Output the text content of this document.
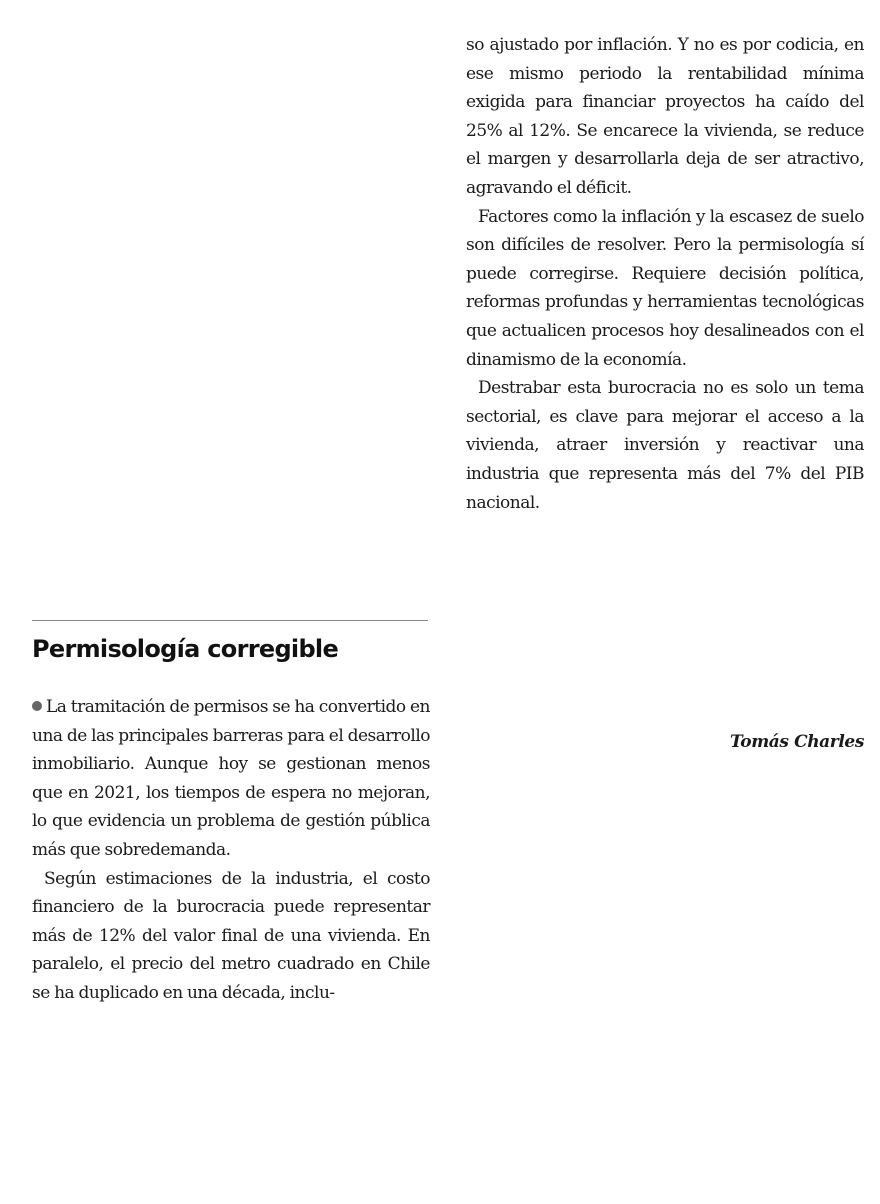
Permisología corregible

La tramitación de permisos se ha convertido en una de las principales barreras para el desarrollo inmobiliario. Aunque hoy se gestionan menos que en 2021, los tiempos de espera no mejoran, lo que evidencia un problema de gestión pública más que sobredemanda.

Según estimaciones de la industria, el costo financiero de la burocracia puede representar más de 12% del valor final de una vivienda. En paralelo, el precio del metro cuadrado en Chile se ha duplicado en una década, inclu-

so ajustado por inflación. Y no es por codicia, en ese mismo periodo la rentabilidad mínima exigida para financiar proyectos ha caído del 25% al 12%. Se encarece la vivienda, se reduce el margen y desarrollarla deja de ser atractivo, agravando el déficit.

Factores como la inflación y la escasez de suelo son difíciles de resolver. Pero la permisología sí puede corregirse. Requiere decisión política, reformas profundas y herramientas tecnológicas que actualicen procesos hoy desalineados con el dinamismo de la economía.

Destrabar esta burocracia no es solo un tema sectorial, es clave para mejorar el acceso a la vivienda, atraer inversión y reactivar una industria que representa más del 7% del PIB nacional.

Tomás Charles
